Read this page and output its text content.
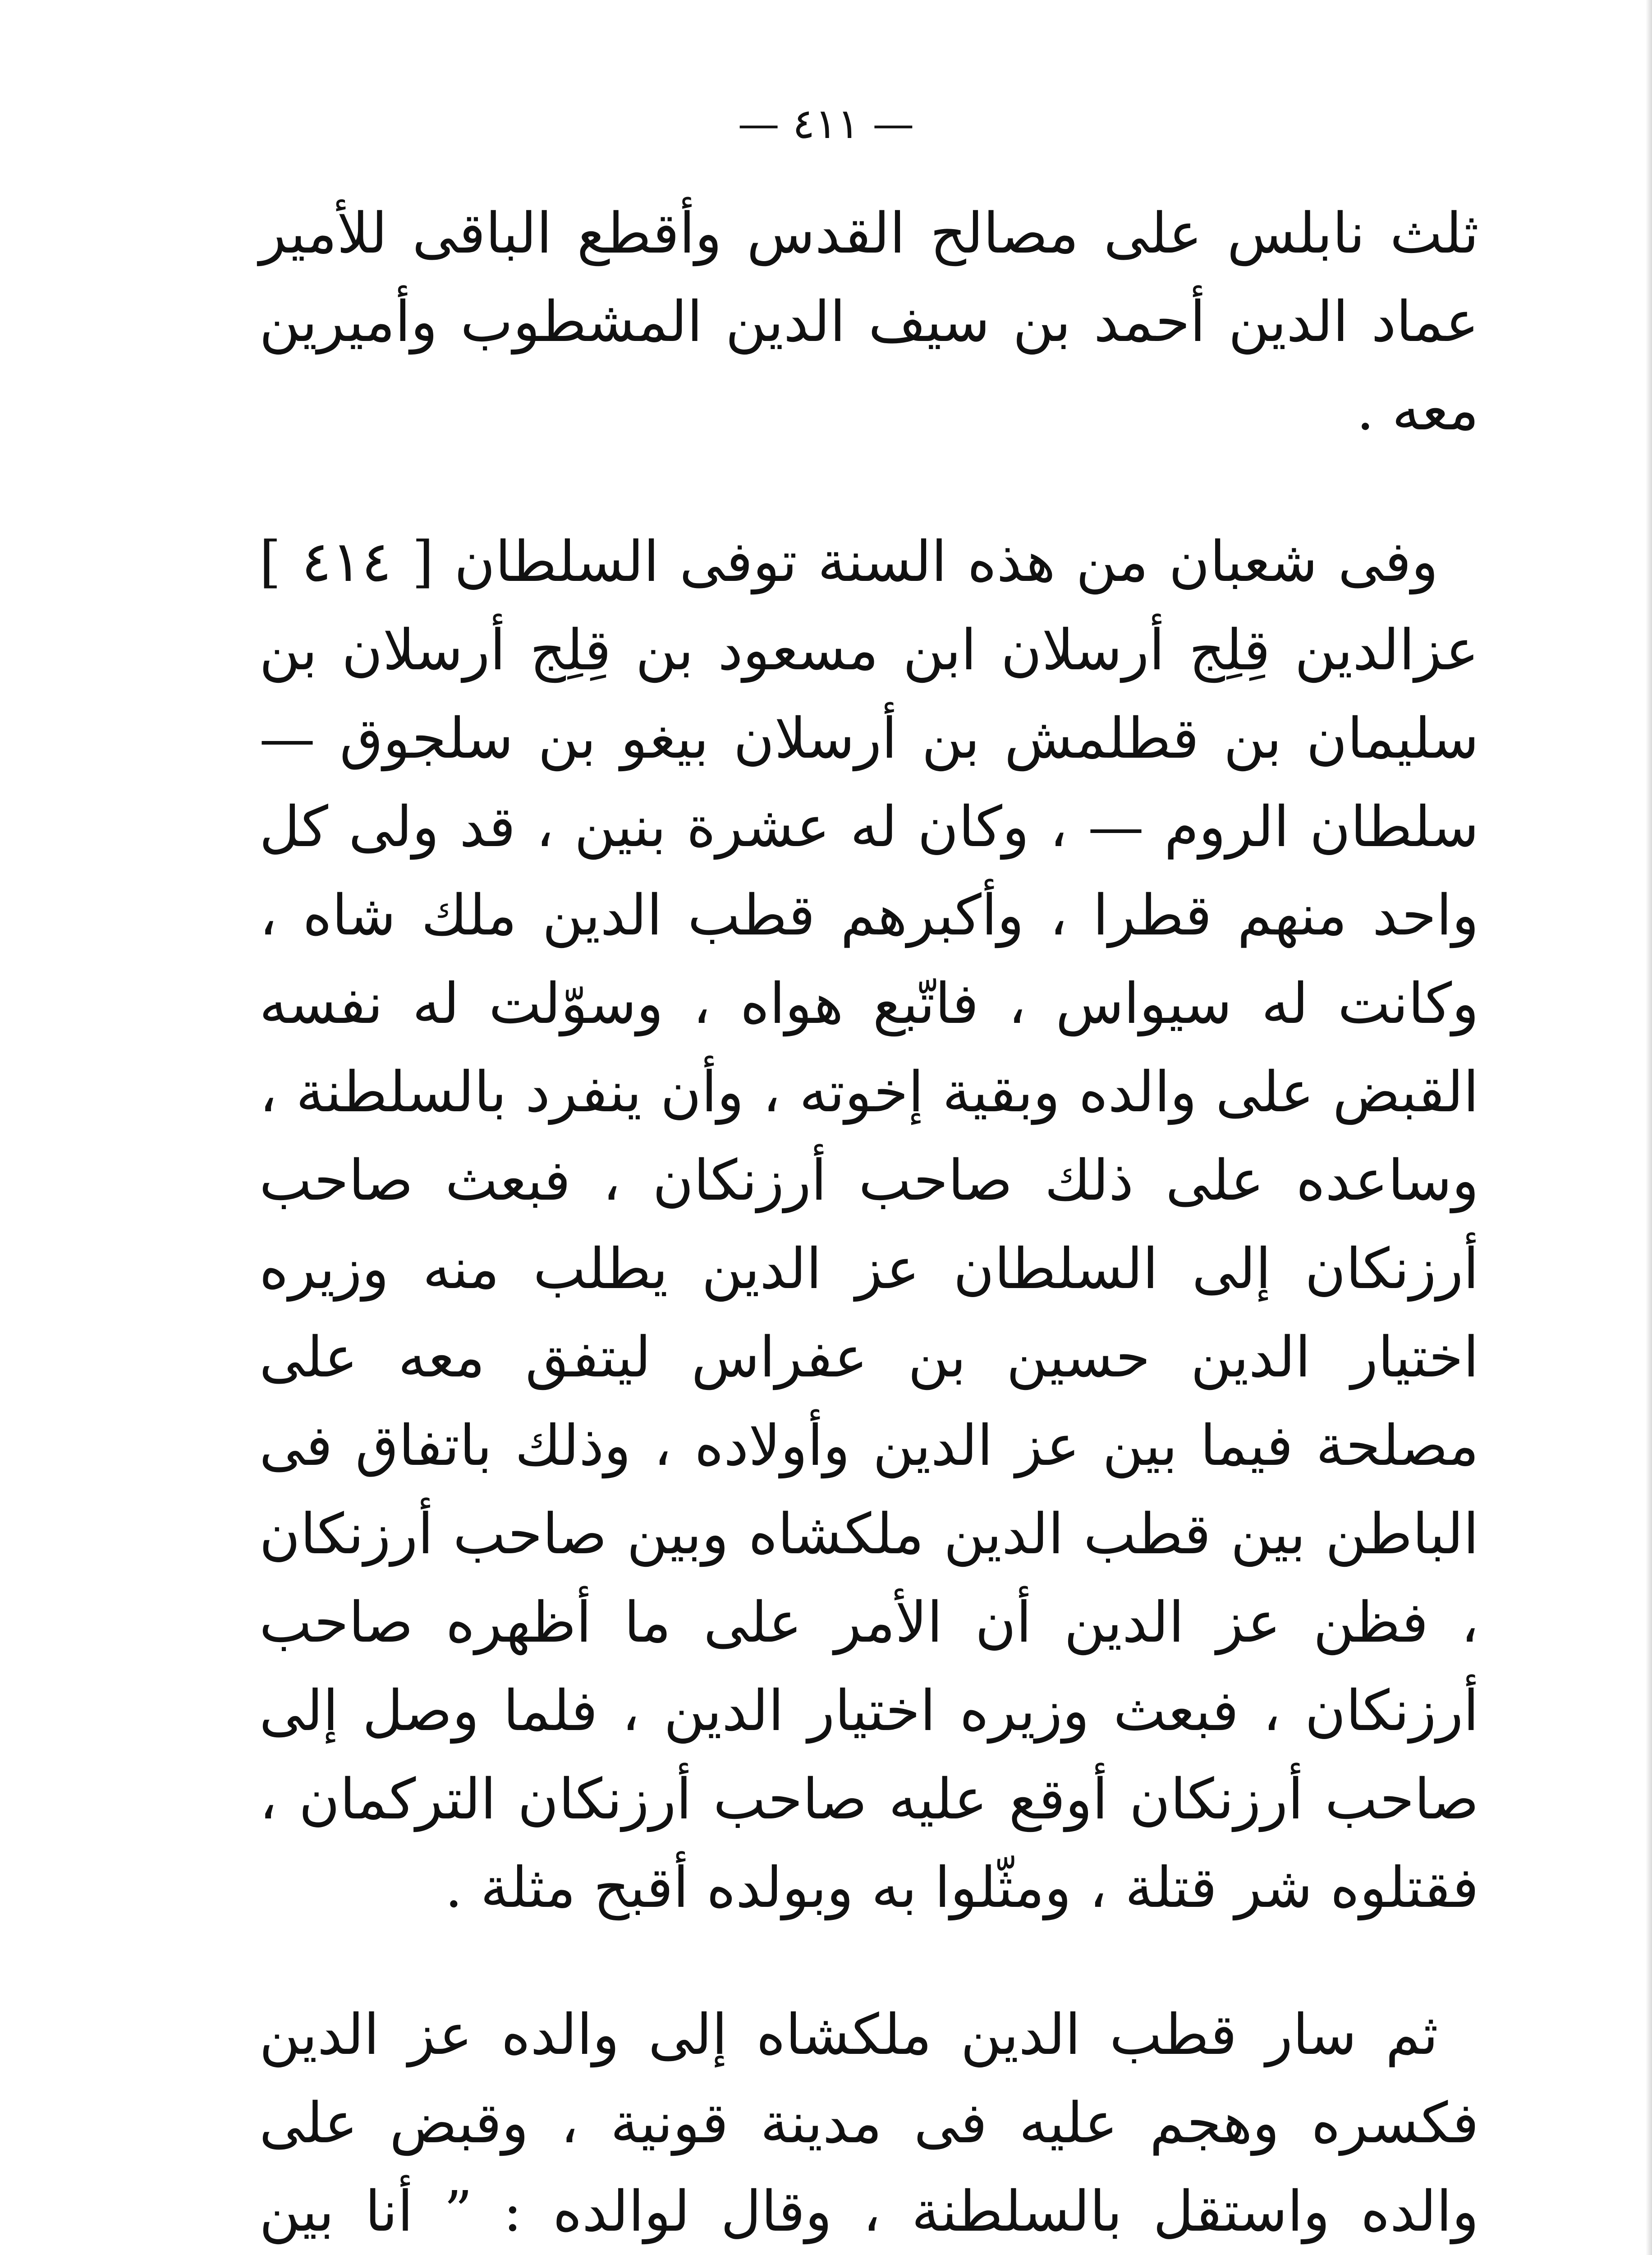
— ٤١١ —

ثلث نابلس على مصالح القدس وأقطع الباقى للأمير عماد الدين أحمد بن سيف الدين المشطوب وأميرين معه .

وفى شعبان من هذه السنة توفى السلطان [ ٤١٤ ] عزالدين قِلِج أرسلان ابن مسعود بن قِلِج أرسلان بن سليمان بن قطلمش بن أرسلان بيغو بن سلجوق — سلطان الروم — ، وكان له عشرة بنين ، قد ولى كل واحد منهم قطرا ، وأكبرهم قطب الدين ملك شاه ، وكانت له سيواس ، فاتّبع هواه ، وسوّلت له نفسه القبض على والده وبقية إخوته ، وأن ينفرد بالسلطنة ، وساعده على ذلك صاحب أرزنكان ، فبعث صاحب أرزنكان إلى السلطان عز الدين يطلب منه وزيره اختيار الدين حسين بن عفراس ليتفق معه على مصلحة فيما بين عز الدين وأولاده ، وذلك باتفاق فى الباطن بين قطب الدين ملكشاه وبين صاحب أرزنكان ، فظن عز الدين أن الأمر على ما أظهره صاحب أرزنكان ، فبعث وزيره اختيار الدين ، فلما وصل إلى صاحب أرزنكان أوقع عليه صاحب أرزنكان التركمان ، فقتلوه شر قتلة ، ومثّلوا به وبولده أقبح مثلة .

ثم سار قطب الدين ملكشاه إلى والده عز الدين فكسره وهجم عليه فى مدينة قونية ، وقبض على والده واستقل بالسلطنة ، وقال لوالده : ” أنا بين
